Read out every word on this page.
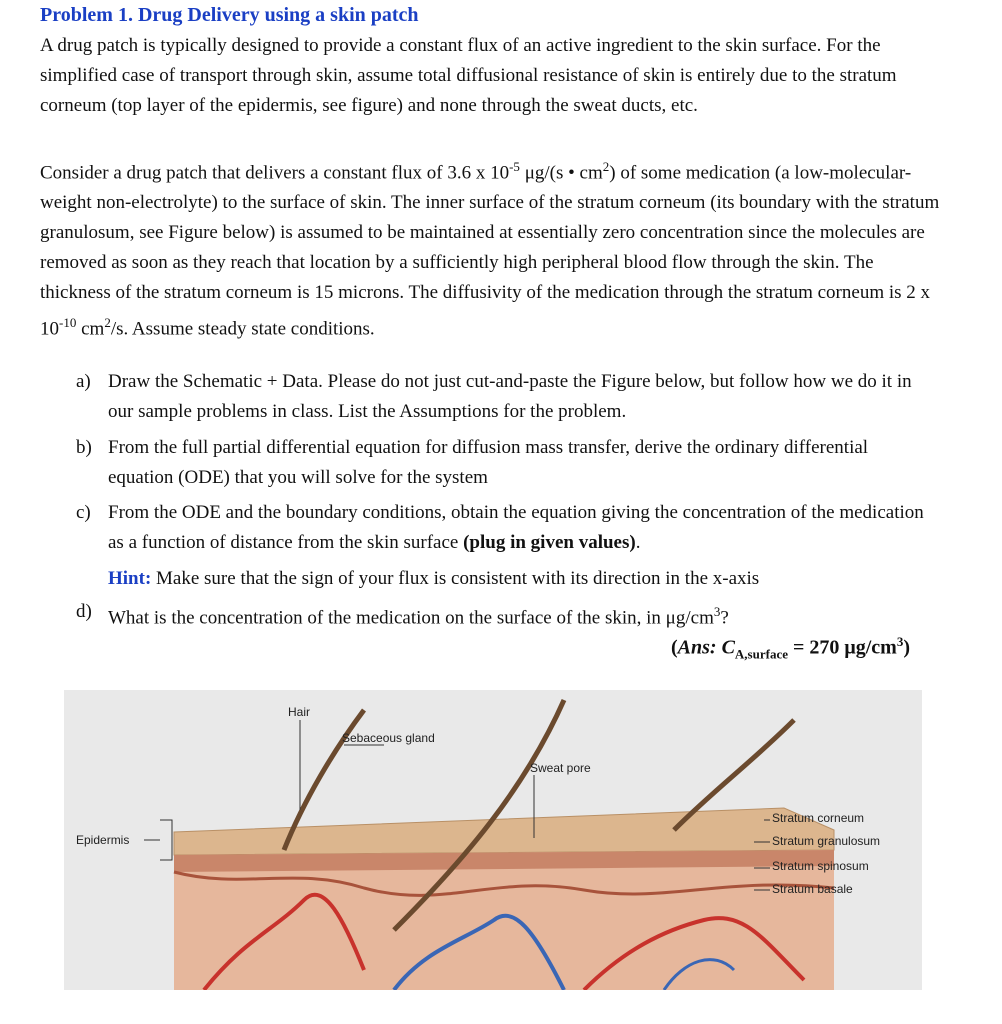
Problem 1. Drug Delivery using a skin patch
A drug patch is typically designed to provide a constant flux of an active ingredient to the skin surface. For the simplified case of transport through skin, assume total diffusional resistance of skin is entirely due to the stratum corneum (top layer of the epidermis, see figure) and none through the sweat ducts, etc.
Consider a drug patch that delivers a constant flux of 3.6 x $10^{-5}$ μg/(s • $cm^2$) of some medication (a low-molecular-weight non-electrolyte) to the surface of skin. The inner surface of the stratum corneum (its boundary with the stratum granulosum, see Figure below) is assumed to be maintained at essentially zero concentration since the molecules are removed as soon as they reach that location by a sufficiently high peripheral blood flow through the skin. The thickness of the stratum corneum is 15 microns. The diffusivity of the medication through the stratum corneum is 2 x $10^{-10}$ $cm^2/s$. Assume steady state conditions.
a) Draw the Schematic + Data. Please do not just cut-and-paste the Figure below, but follow how we do it in our sample problems in class. List the Assumptions for the problem.
b) From the full partial differential equation for diffusion mass transfer, derive the ordinary differential equation (ODE) that you will solve for the system
c) From the ODE and the boundary conditions, obtain the equation giving the concentration of the medication as a function of distance from the skin surface (plug in given values).
Hint: Make sure that the sign of your flux is consistent with its direction in the x-axis
d) What is the concentration of the medication on the surface of the skin, in $\mu g/cm^3$?
(Ans: $C_{A,surface} = 270$ $\mu g/cm^3$)
Hair
Sebaceous gland
Sweat pore
Epidermis
Stratum corneum
Stratum granulosum
Stratum spinosum
Stratum basale
